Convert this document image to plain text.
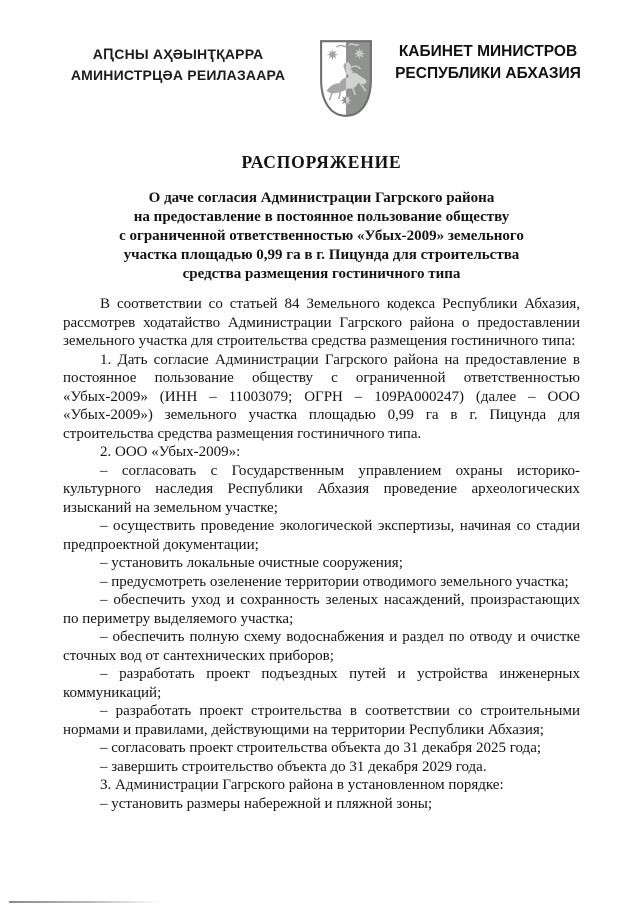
АԤСНЫ АҲӘЫНҬҚАРРА
АМИНИСТРЦӘА РЕИЛАЗААРА
КАБИНЕТ МИНИСТРОВ
РЕСПУБЛИКИ АБХАЗИЯ
РАСПОРЯЖЕНИЕ
О даче согласия Администрации Гагрского района
на предоставление в постоянное пользование обществу
с ограниченной ответственностью «Убых-2009» земельного
участка площадью 0,99 га в г. Пицунда для строительства
средства размещения гостиничного типа

В соответствии со статьей 84 Земельного кодекса Республики Абхазия, рассмотрев ходатайство Администрации Гагрского района о предоставлении земельного участка для строительства средства размещения гостиничного типа:

1. Дать согласие Администрации Гагрского района на предоставление в постоянное пользование обществу с ограниченной ответственностью «Убых-2009» (ИНН – 11003079; ОГРН – 109РА000247) (далее – ООО «Убых-2009») земельного участка площадью 0,99 га в г. Пицунда для строительства средства размещения гостиничного типа.

2. ООО «Убых-2009»:

– согласовать с Государственным управлением охраны историко-культурного наследия Республики Абхазия проведение археологических изысканий на земельном участке;

– осуществить проведение экологической экспертизы, начиная со стадии предпроектной документации;

– установить локальные очистные сооружения;

– предусмотреть озеленение территории отводимого земельного участка;

– обеспечить уход и сохранность зеленых насаждений, произрастающих по периметру выделяемого участка;

– обеспечить полную схему водоснабжения и раздел по отводу и очистке сточных вод от сантехнических приборов;

– разработать проект подъездных путей и устройства инженерных коммуникаций;

– разработать проект строительства в соответствии со строительными нормами и правилами, действующими на территории Республики Абхазия;

– согласовать проект строительства объекта до 31 декабря 2025 года;

– завершить строительство объекта до 31 декабря 2029 года.

3. Администрации Гагрского района в установленном порядке:

– установить размеры набережной и пляжной зоны;
